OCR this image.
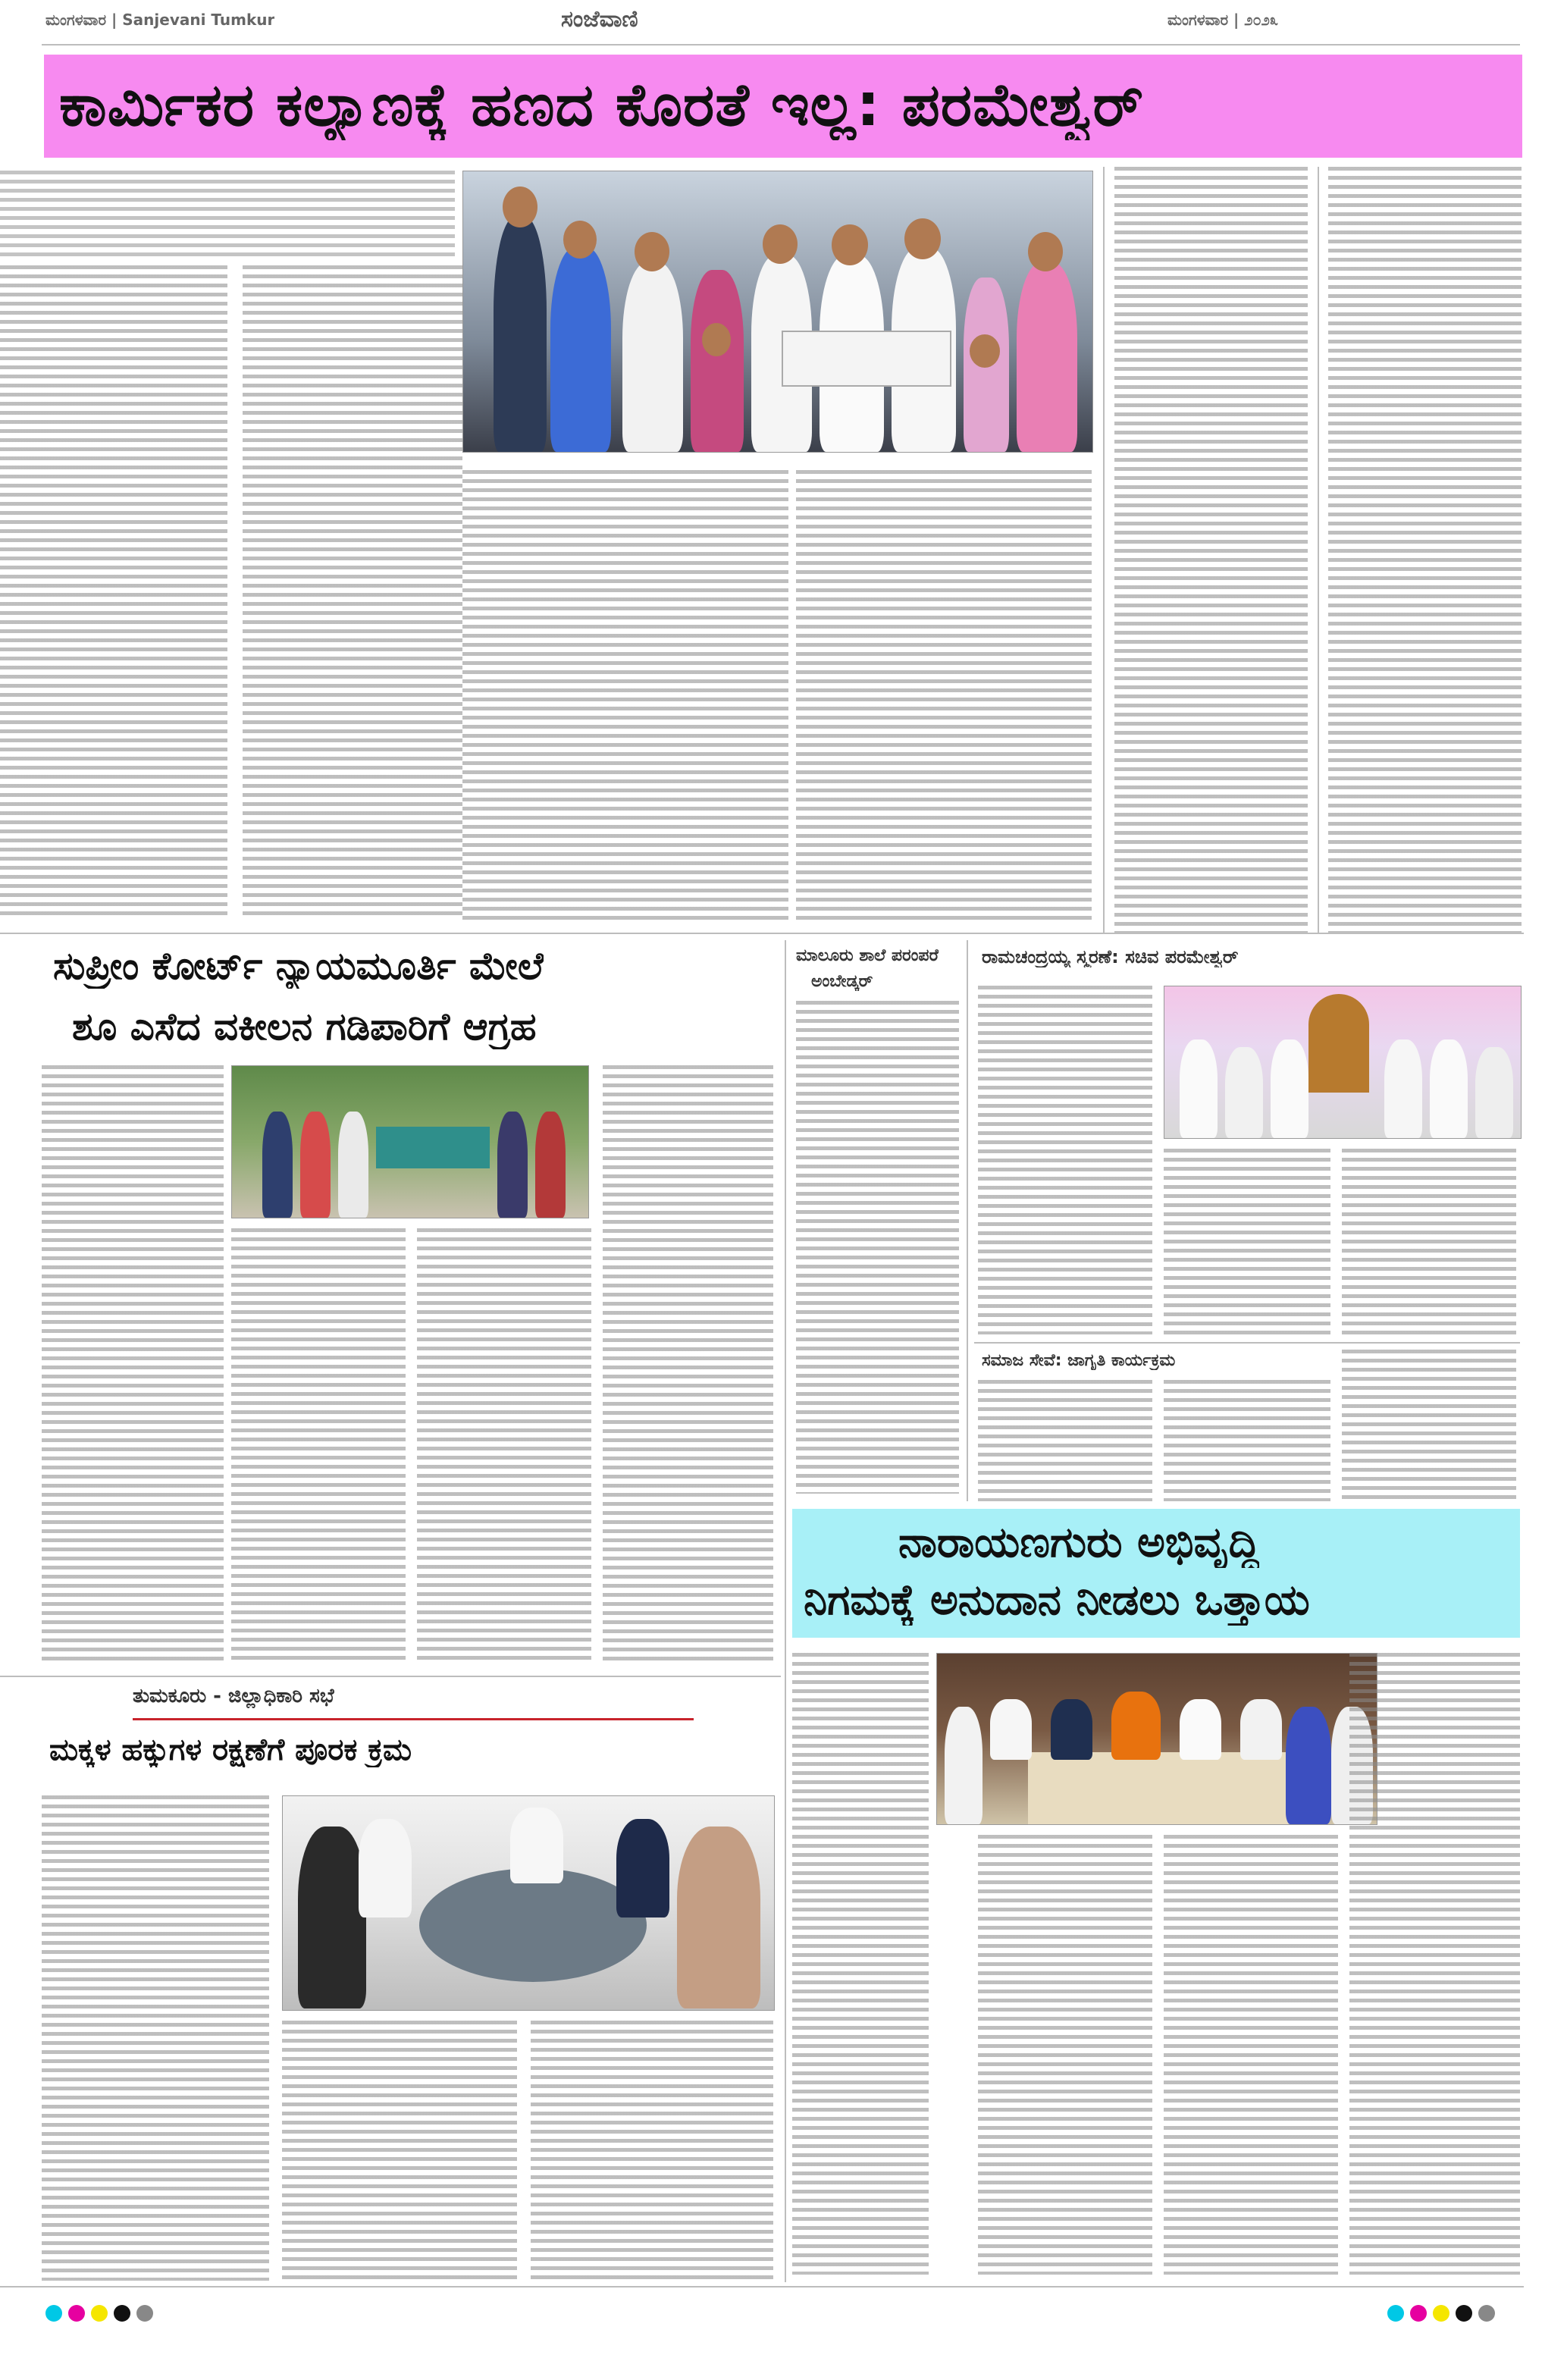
ಮಂಗಳವಾರ | Sanjevani Tumkur	ಸಂಜೆವಾಣಿ	ಮಂಗಳವಾರ | ೨೦೨೩
ಕಾರ್ಮಿಕರ ಕಲ್ಯಾಣಕ್ಕೆ ಹಣದ ಕೊರತೆ ಇಲ್ಲ: ಪರಮೇಶ್ವರ್
ಸುಪ್ರೀಂ ಕೋರ್ಟ್ ನ್ಯಾಯಮೂರ್ತಿ ಮೇಲೆ
ಶೂ ಎಸೆದ ವಕೀಲನ ಗಡಿಪಾರಿಗೆ ಆಗ್ರಹ
ಮಾಲೂರು ಶಾಲೆ ಪರಂಪರೆ
ಅಂಬೇಡ್ಕರ್
ರಾಮಚಂದ್ರಯ್ಯ ಸ್ಮರಣೆ: ಸಚಿವ ಪರಮೇಶ್ವರ್
ಸಮಾಜ ಸೇವೆ: ಜಾಗೃತಿ ಕಾರ್ಯಕ್ರಮ
ನಾರಾಯಣಗುರು ಅಭಿವೃದ್ಧಿ
ನಿಗಮಕ್ಕೆ ಅನುದಾನ ನೀಡಲು ಒತ್ತಾಯ
ತುಮಕೂರು - ಜಿಲ್ಲಾಧಿಕಾರಿ ಸಭೆ
ಮಕ್ಕಳ ಹಕ್ಕುಗಳ ರಕ್ಷಣೆಗೆ ಪೂರಕ ಕ್ರಮ
